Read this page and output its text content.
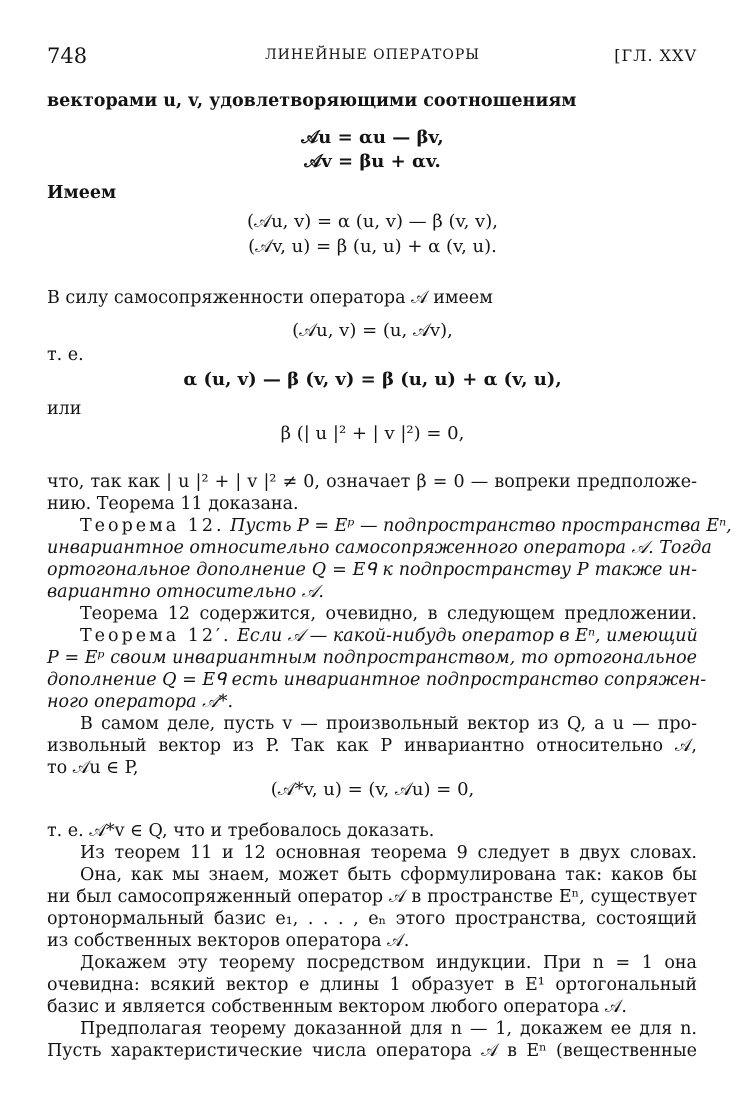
748	ЛИНЕЙНЫЕ ОПЕРАТОРЫ	[ГЛ. XXV
векторами u, v, удовлетворяющими соотношениям
𝒜u = αu — βv,
𝒜v = βu + αv.
Имеем
(𝒜u, v) = α (u, v) — β (v, v),
(𝒜v, u) = β (u, u) + α (v, u).
В силу самосопряженности оператора 𝒜 имеем
(𝒜u, v) = (u, 𝒜v),
т. е.
α (u, v) — β (v, v) = β (u, u) + α (v, u),
или
β (| u |² + | v |²) = 0,
что, так как | u |² + | v |² ≠ 0, означает β = 0 — вопреки предположе-
нию. Теорема 11 доказана.
Теорема 12. Пусть P = Eᵖ — подпространство пространства Eⁿ,
инвариантное относительно самосопряженного оператора 𝒜. Тогда
ортогональное дополнение Q = Eᑫ к подпространству P также ин-
вариантно относительно 𝒜.
Теорема 12 содержится, очевидно, в следующем предложении.
Теорема 12′. Если 𝒜 — какой-нибудь оператор в Eⁿ, имеющий
P = Eᵖ своим инвариантным подпространством, то ортогональное
дополнение Q = Eᑫ есть инвариантное подпространство сопряжен-
ного оператора 𝒜*.
В самом деле, пусть v — произвольный вектор из Q, а u — про-
извольный вектор из P. Так как P инвариантно относительно 𝒜,
то 𝒜u ∈ P,
(𝒜*v, u) = (v, 𝒜u) = 0,
т. е. 𝒜*v ∈ Q, что и требовалось доказать.
Из теорем 11 и 12 основная теорема 9 следует в двух словах.
Она, как мы знаем, может быть сформулирована так: каков бы
ни был самосопряженный оператор 𝒜 в пространстве Eⁿ, существует
ортонормальный базис e₁, . . . , eₙ этого пространства, состоящий
из собственных векторов оператора 𝒜.
Докажем эту теорему посредством индукции. При n = 1 она
очевидна: всякий вектор e длины 1 образует в E¹ ортогональный
базис и является собственным вектором любого оператора 𝒜.
Предполагая теорему доказанной для n — 1, докажем ее для n.
Пусть характеристические числа оператора 𝒜 в Eⁿ (вещественные
